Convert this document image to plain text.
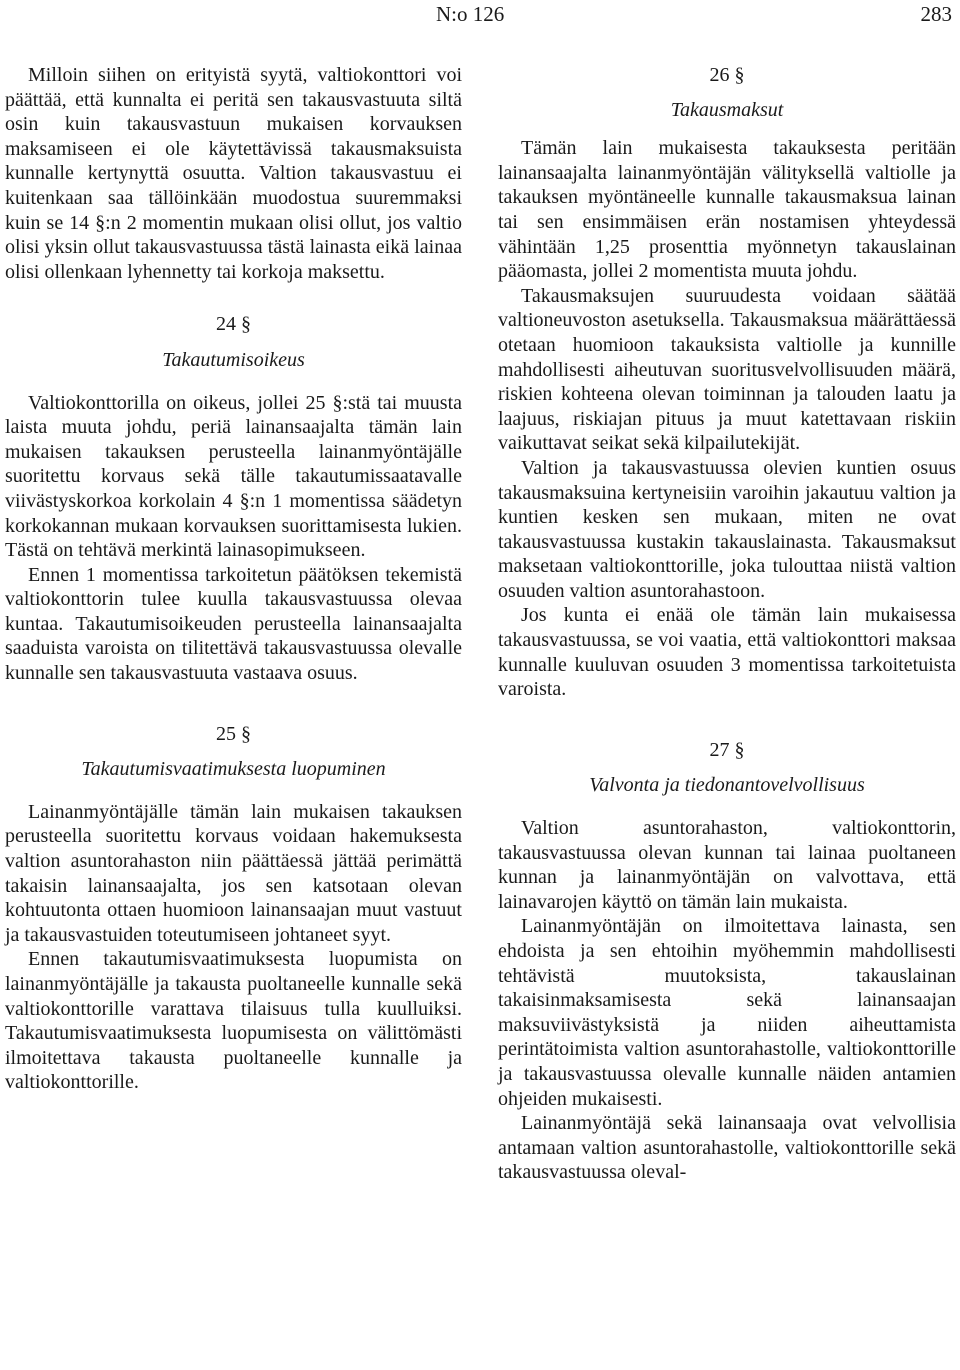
N:o 126	283

Milloin siihen on erityistä syytä, valtiokonttori voi päättää, että kunnalta ei peritä sen takausvastuuta siltä osin kuin takausvastuun mukaisen korvauksen maksamiseen ei ole käytettävissä takausmaksuista kunnalle kertynyttä osuutta. Valtion takausvastuu ei kuitenkaan saa tällöinkään muodostua suuremmaksi kuin se 14 §:n 2 momentin mukaan olisi ollut, jos valtio olisi yksin ollut takausvastuussa tästä lainasta eikä lainaa olisi ollenkaan lyhennetty tai korkoja maksettu.

24 §
Takautumisoikeus

Valtiokonttorilla on oikeus, jollei 25 §:stä tai muusta laista muuta johdu, periä lainansaajalta tämän lain mukaisen takauksen perusteella lainanmyöntäjälle suoritettu korvaus sekä tälle takautumissaatavalle viivästyskorkoa korkolain 4 §:n 1 momentissa säädetyn korkokannan mukaan korvauksen suorittamisesta lukien. Tästä on tehtävä merkintä lainasopimukseen.

Ennen 1 momentissa tarkoitetun päätöksen tekemistä valtiokonttorin tulee kuulla takausvastuussa olevaa kuntaa. Takautumisoikeuden perusteella lainansaajalta saaduista varoista on tilitettävä takausvastuussa olevalle kunnalle sen takausvastuuta vastaava osuus.

25 §
Takautumisvaatimuksesta luopuminen

Lainanmyöntäjälle tämän lain mukaisen takauksen perusteella suoritettu korvaus voidaan hakemuksesta valtion asuntorahaston niin päättäessä jättää perimättä takaisin lainansaajalta, jos sen katsotaan olevan kohtuutonta ottaen huomioon lainansaajan muut vastuut ja takausvastuiden toteutumiseen johtaneet syyt.

Ennen takautumisvaatimuksesta luopumista on lainanmyöntäjälle ja takausta puoltaneelle kunnalle sekä valtiokonttorille varattava tilaisuus tulla kuulluiksi. Takautumisvaatimuksesta luopumisesta on välittömästi ilmoitettava takausta puoltaneelle kunnalle ja valtiokonttorille.

26 §
Takausmaksut

Tämän lain mukaisesta takauksesta peritään lainansaajalta lainanmyöntäjän välityksellä valtiolle ja takauksen myöntäneelle kunnalle takausmaksua lainan tai sen ensimmäisen erän nostamisen yhteydessä vähintään 1,25 prosenttia myönnetyn takauslainan pääomasta, jollei 2 momentista muuta johdu.

Takausmaksujen suuruudesta voidaan säätää valtioneuvoston asetuksella. Takausmaksua määrättäessä otetaan huomioon takauksista valtiolle ja kunnille mahdollisesti aiheutuvan suoritusvelvollisuuden määrä, riskien kohteena olevan toiminnan ja talouden laatu ja laajuus, riskiajan pituus ja muut katettavaan riskiin vaikuttavat seikat sekä kilpailutekijät.

Valtion ja takausvastuussa olevien kuntien osuus takausmaksuina kertyneisiin varoihin jakautuu valtion ja kuntien kesken sen mukaan, miten ne ovat takausvastuussa kustakin takauslainasta. Takausmaksut maksetaan valtiokonttorille, joka tulouttaa niistä valtion osuuden valtion asuntorahastoon.

Jos kunta ei enää ole tämän lain mukaisessa takausvastuussa, se voi vaatia, että valtiokonttori maksaa kunnalle kuuluvan osuuden 3 momentissa tarkoitetuista varoista.

27 §
Valvonta ja tiedonantovelvollisuus

Valtion asuntorahaston, valtiokonttorin, takausvastuussa olevan kunnan tai lainaa puoltaneen kunnan ja lainanmyöntäjän on valvottava, että lainavarojen käyttö on tämän lain mukaista.

Lainanmyöntäjän on ilmoitettava lainasta, sen ehdoista ja sen ehtoihin myöhemmin mahdollisesti tehtävistä muutoksista, takauslainan takaisinmaksamisesta sekä lainansaajan maksuviivästyksistä ja niiden aiheuttamista perintätoimista valtion asuntorahastolle, valtiokonttorille ja takausvastuussa olevalle kunnalle näiden antamien ohjeiden mukaisesti.

Lainanmyöntäjä sekä lainansaaja ovat velvollisia antamaan valtion asuntorahastolle, valtiokonttorille sekä takausvastuussa oleval-
